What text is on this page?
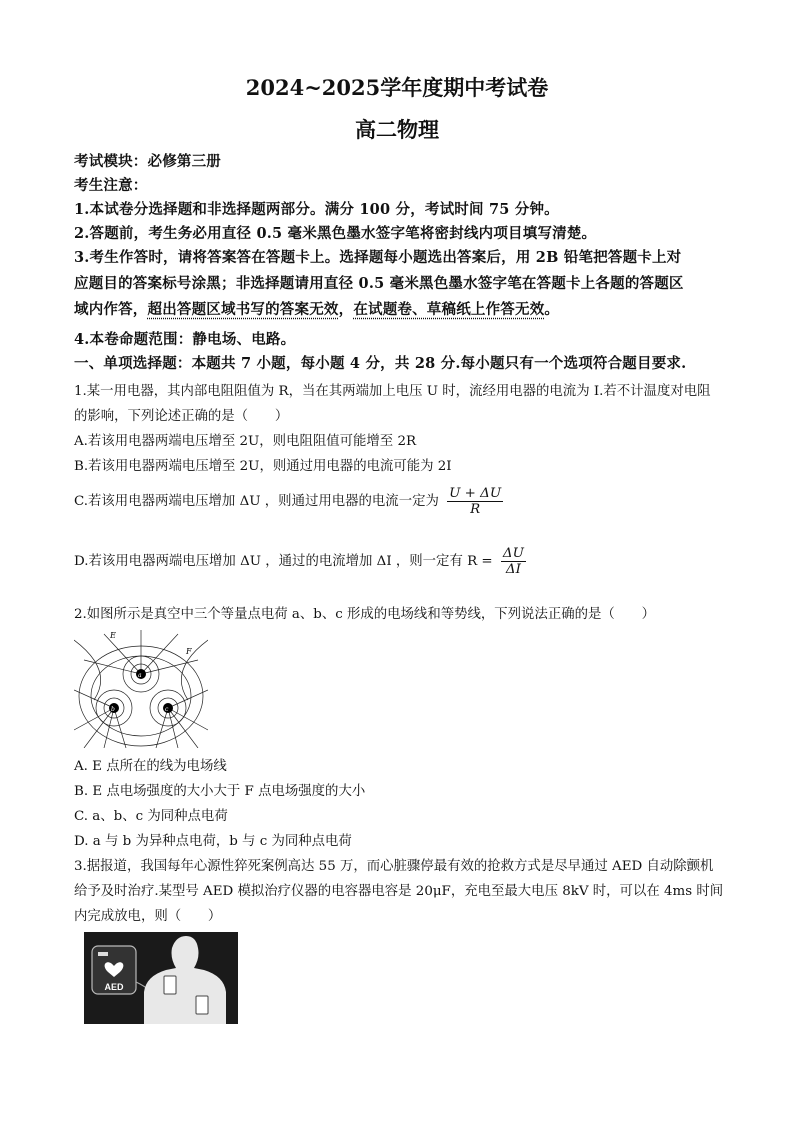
2024~2025学年度期中考试卷
高二物理
考试模块：必修第三册
考生注意：
1.本试卷分选择题和非选择题两部分。满分 100 分，考试时间 75 分钟。
2.答题前，考生务必用直径 0.5 毫米黑色墨水签字笔将密封线内项目填写清楚。
3.考生作答时，请将答案答在答题卡上。选择题每小题选出答案后，用 2B 铅笔把答题卡上对
应题目的答案标号涂黑；非选择题请用直径 0.5 毫米黑色墨水签字笔在答题卡上各题的答题区
域内作答，超出答题区域书写的答案无效，在试题卷、草稿纸上作答无效。
4.本卷命题范围：静电场、电路。
一、单项选择题：本题共 7 小题，每小题 4 分，共 28 分.每小题只有一个选项符合题目要求.
1.某一用电器，其内部电阻阻值为 R，当在其两端加上电压 U 时，流经用电器的电流为 I.若不计温度对电阻
的影响，下列论述正确的是（　　）
A.若该用电器两端电压增至 2U，则电阻阻值可能增至 2R
B.若该用电器两端电压增至 2U，则通过用电器的电流可能为 2I
C.若该用电器两端电压增加 ΔU ，则通过用电器的电流一定为 $\frac{U + \Delta U}{R}$
D.若该用电器两端电压增加 ΔU ，通过的电流增加 ΔI ，则一定有 $R = \frac{\Delta U}{\Delta I}$
2.如图所示是真空中三个等量点电荷 a、b、c 形成的电场线和等势线，下列说法正确的是（　　）
E
F
a
b	c
A. E 点所在的线为电场线
B. E 点电场强度的大小大于 F 点电场强度的大小
C. a、b、c 为同种点电荷
D. a 与 b 为异种点电荷，b 与 c 为同种点电荷
3.据报道，我国每年心源性猝死案例高达 55 万，而心脏骤停最有效的抢救方式是尽早通过 AED 自动除颤机
给予及时治疗.某型号 AED 模拟治疗仪器的电容器电容是 20μF，充电至最大电压 8kV 时，可以在 4ms 时间
内完成放电，则（　　）
AED
